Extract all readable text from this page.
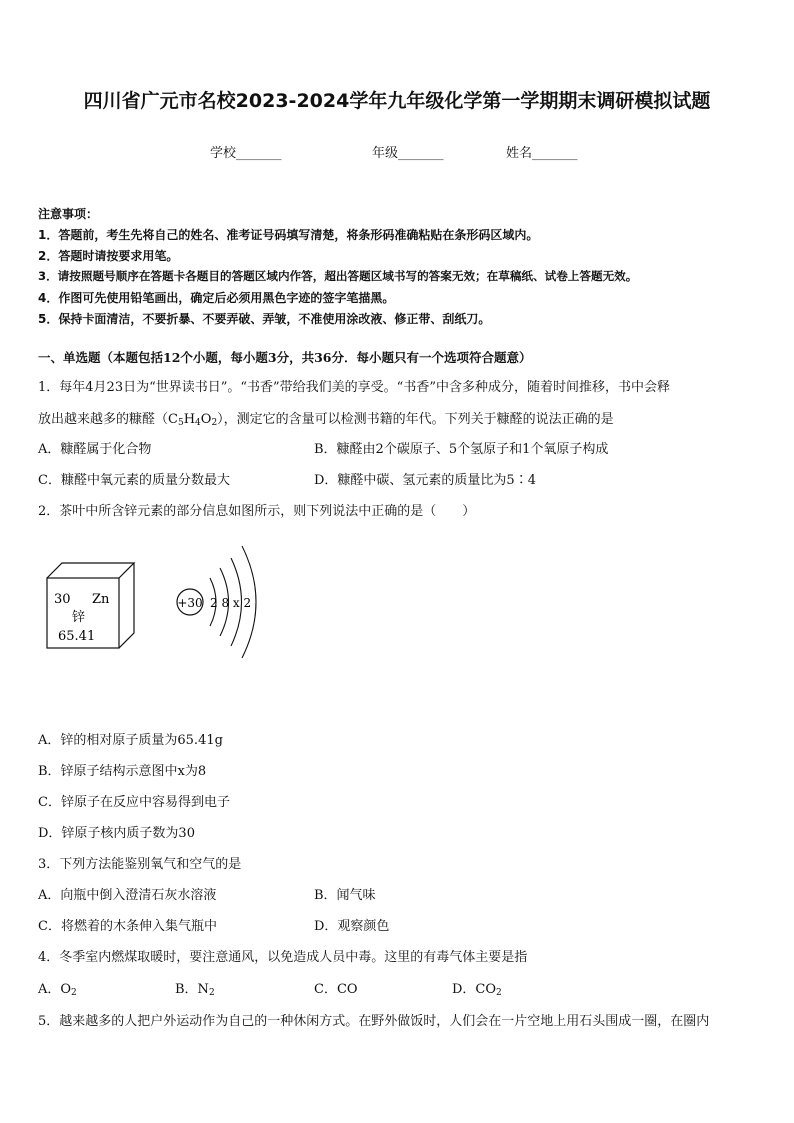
四川省广元市名校2023-2024学年九年级化学第一学期期末调研模拟试题
学校_______	年级_______	姓名_______
注意事项：
1．答题前，考生先将自己的姓名、准考证号码填写清楚，将条形码准确粘贴在条形码区域内。
2．答题时请按要求用笔。
3．请按照题号顺序在答题卡各题目的答题区域内作答，超出答题区域书写的答案无效；在草稿纸、试卷上答题无效。
4．作图可先使用铅笔画出，确定后必须用黑色字迹的签字笔描黑。
5．保持卡面清洁，不要折暴、不要弄破、弄皱，不准使用涂改液、修正带、刮纸刀。
一、单选题（本题包括12个小题，每小题3分，共36分．每小题只有一个选项符合题意）
1．每年4月23日为“世界读书日”。“书香”带给我们美的享受。“书香”中含多种成分，随着时间推移，书中会释
放出越来越多的糠醛$(C_5H_4O_2)$，测定它的含量可以检测书籍的年代。下列关于糠醛的说法正确的是
A．糠醛属于化合物	B．糠醛由2个碳原子、5个氢原子和1个氧原子构成
C．糠醛中氧元素的质量分数最大	D．糠醛中碳、氢元素的质量比为5∶4
2．茶叶中所含锌元素的部分信息如图所示，则下列说法中正确的是（　　）
30 Zn
锌
65.41
+30 2 8 x 2
A．锌的相对原子质量为65.41g
B．锌原子结构示意图中x为8
C．锌原子在反应中容易得到电子
D．锌原子核内质子数为30
3．下列方法能鉴别氧气和空气的是
A．向瓶中倒入澄清石灰水溶液	B．闻气味
C．将燃着的木条伸入集气瓶中	D．观察颜色
4．冬季室内燃煤取暖时，要注意通风，以免造成人员中毒。这里的有毒气体主要是指
A．$O_2$	B．$N_2$	C．CO	D．$CO_2$
5．越来越多的人把户外运动作为自己的一种休闲方式。在野外做饭时，人们会在一片空地上用石头围成一圈，在圈内
